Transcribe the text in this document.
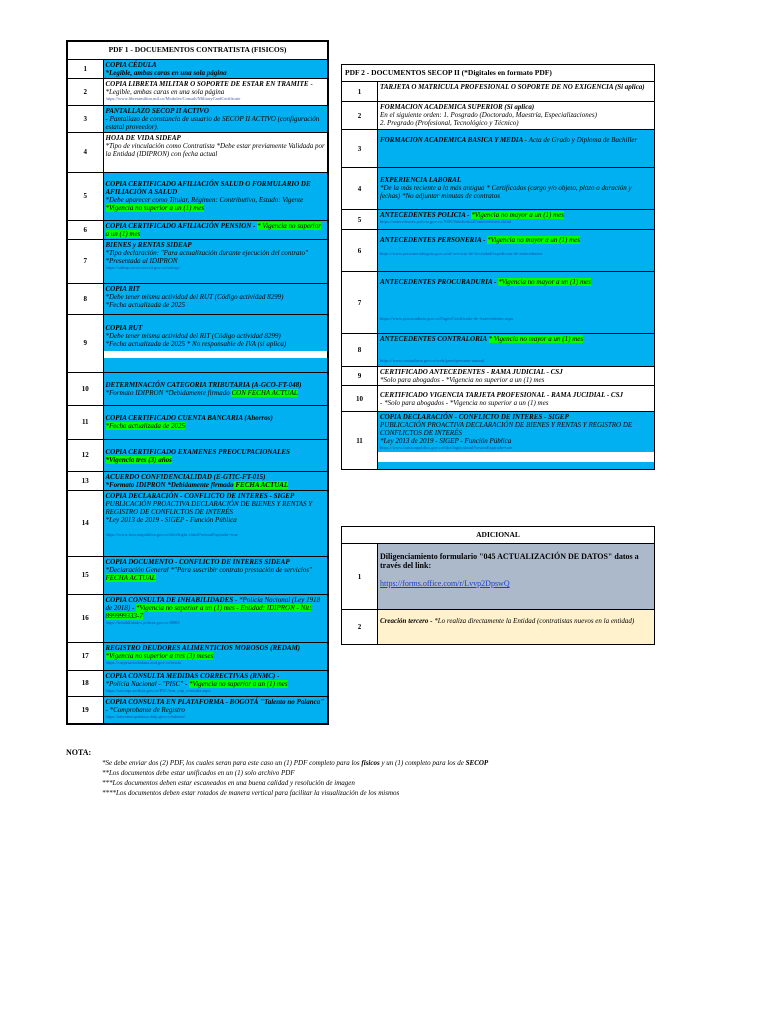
PDF 1 - DOCUEMENTOS CONTRATISTA (FISICOS)	
1	COPIA CÉDULA
*Legible, ambas caras en una sola página
2	COPIA LIBRETA MILITAR O SOPORTE DE ESTAR EN TRAMITE - *Legible, ambas caras en una sola página
https://www.libretamilitar.mil.co/Modules/Consult/MilitaryCardCertificate

3	PANTALLAZO SECOP II ACTIVO
- Pantallazo de constancia de usuario de SECOP II ACTIVO (configuración estatal proveedor).
4	HOJA DE VIDA SIDEAP
*Tipo de vinculación como Contratista *Debe estar previamente Validada por la Entidad (IDIPRON) con fecha actual
5	COPIA CERTIFICADO AFILIACIÓN SALUD O FORMULARIO DE AFILIACIÓN A SALUD
*Debe aparecer como Titular, Régimen: Contributivo, Estado: Vigente *Vigencia no superior a un (1) mes
6	COPIA CERTIFICADO AFILIACIÓN PENSION - * Vigencia no superior a un (1) mes
7	BIENES y RENTAS SIDEAP
*Tipo declaración: "Para actualización durante ejecución del contrato"
*Presentada al IDIPRON
https://sideap.serviciocivil.gov.co/sideap/

8	COPIA RIT
*Debe tener misma actividad del RUT (Código actividad 8299)
*Fecha actualizada de 2025
9	COPIA RUT
*Debe tener misma actividad del RIT (Código actividad 8299)
*Fecha actualizada de 2025 * No responsable de IVA (si aplica)

10	DETERMINACIÓN CATEGORIA TRIBUTARIA (A-GCO-FT-048)
*Formato IDIPRON *Debidamente firmado CON FECHA ACTUAL
11	COPIA CERTIFICADO CUENTA BANCARIA (Ahorros)
*Fecha actualizada de 2025
12	COPIA CERTIFICADO EXAMENES PREOCUPACIONALES
*Vigencia tres (3) años
13	ACUERDO CONFIDENCIALIDAD (E-GTIC-FT-015)
*Formato IDIPRON *Debidamente firmado FECHA ACTUAL
14	COPIA DECLARACIÓN - CONFLICTO DE INTERES - SIGEP PUBLICACIÓN PROACTIVA DECLARACIÓN DE BIENES Y RENTAS Y REGISTRO DE CONFLICTOS DE INTERÉS
*Ley 2013 de 2019 - SIGEP - Función Pública
https://www.funcionpublica.gov.co/fdci/login.xhtml?sesionExpirada=true

15	COPIA DOCUMENTO - CONFLICTO DE INTERES SIDEAP
*Declaración General *"Para suscribir contrato prestación de servicios" FECHA ACTUAL
16	COPIA CONSULTA DE INHABILIDADES - *Policía Nacional (Ley 1918 de 2018) - *Vigencia no superior a un (1) mes - Entidad: IDIPRON - Nit: 899999333-7
https://inhabilidades.policia.gov.co:8080/

17	REGISTRO DEUDORES ALIMENTICIOS MOROSOS (REDAM)
*Vigencia no superior a tres (3) meses
https://carpetaciudadana.and.gov.co/inicio

18	COPIA CONSULTA MEDIDAS CORRECTIVAS (RNMC) -
*Policía Nacional - "PISC" - *Vigencia no superior a un (1) mes
https://srvcnpc.policia.gov.co/PSC/frm_cnp_consulta.aspx

19	COPIA CONSULTA EN PLATAFORMA - BOGOTÁ "Talento no Palanca" - *Comprobante de Registro
https://talentonopalanca.dafp.gov.co/talento/
PDF 2 - DOCUMENTOS SECOP II (*Digitales en formato PDF)	
1	TARJETA O MATRICULA PROFESIONAL O SOPORTE DE NO EXIGENCIA (Si aplica)
2	FORMACION ACADEMICA SUPERIOR (Si aplica)
En el siguiente orden: 1. Posgrado (Doctorado, Maestría, Especializaciones)
2. Pregrado (Profesional, Tecnológico y Técnico)
3	FORMACION ACADEMICA BASICA Y MEDIA - Acta de Grado y Diploma de Bachiller
4	EXPERIENCIA LABORAL
*De la más reciente a la más antigua * Certificados (cargo y/o objeto, plazo o duración y fechas) *No adjuntar minutas de contratos
5	ANTECEDENTES POLICIA - *Vigencia no mayor a un (1) mes
https://antecedentes.policia.gov.co:7005/WebJudicial/antecedentes.xhtml

6	ANTECEDENTES PERSONERIA - *Vigencia no mayor a un (1) mes
https://www.personeriabogota.gov.co/al-servicio-de-la-ciudad/expedicion-de-antecedentes

7	ANTECEDENTES PROCURADURIA - *Vigencia no mayor a un (1) mes
https://www.procuraduria.gov.co/Pages/Certificado-de-Antecedentes.aspx

8	ANTECEDENTES CONTRALORIA * Vigencia no mayor a un (1) mes
https://www.contraloria.gov.co/web/guest/persona-natural

9	CERTIFICADO ANTECEDENTES - RAMA JUDICIAL - CSJ
*Solo para abogados - *Vigencia no superior a un (1) mes
10	CERTIFICADO VIGENCIA TARJETA PROFESIONAL - RAMA JUCIDIAL - CSJ
- *Solo para abogados - *Vigencia no superior a un (1) mes
11	COPIA DECLARACIÓN - CONFLICTO DE INTERES - SIGEP
PUBLICACIÓN PROACTIVA DECLARACIÓN DE BIENES Y RENTAS Y REGISTRO DE CONFLICTOS DE INTERÉS
*Ley 2013 de 2019 - SIGEP - Función Pública
https://www.funcionpublica.gov.co/fdci/login.xhtml?sesionExpirada=true
ADICIONAL	
1	Diligenciamiento formulario "045 ACTUALIZACIÓN DE DATOS" datos a través del link:

https://forms.office.com/r/Lvvp2DpswQ
2	Creación tercero - *Lo realiza directamente la Entidad (contratistas nuevos en la entidad)
NOTA:
*Se debe enviar dos (2) PDF, los cuales seran para este caso un (1) PDF completo para los fisicos y un (1) completo para los de SECOP
**Los documentos debe estar unificados en un (1) solo archivo PDF
***Los documentos deben estar escaneados en una buena calidad y resolución de imagen
****Los documentos deben estar rotados de manera vertical para facilitar la visualización de los mismos
